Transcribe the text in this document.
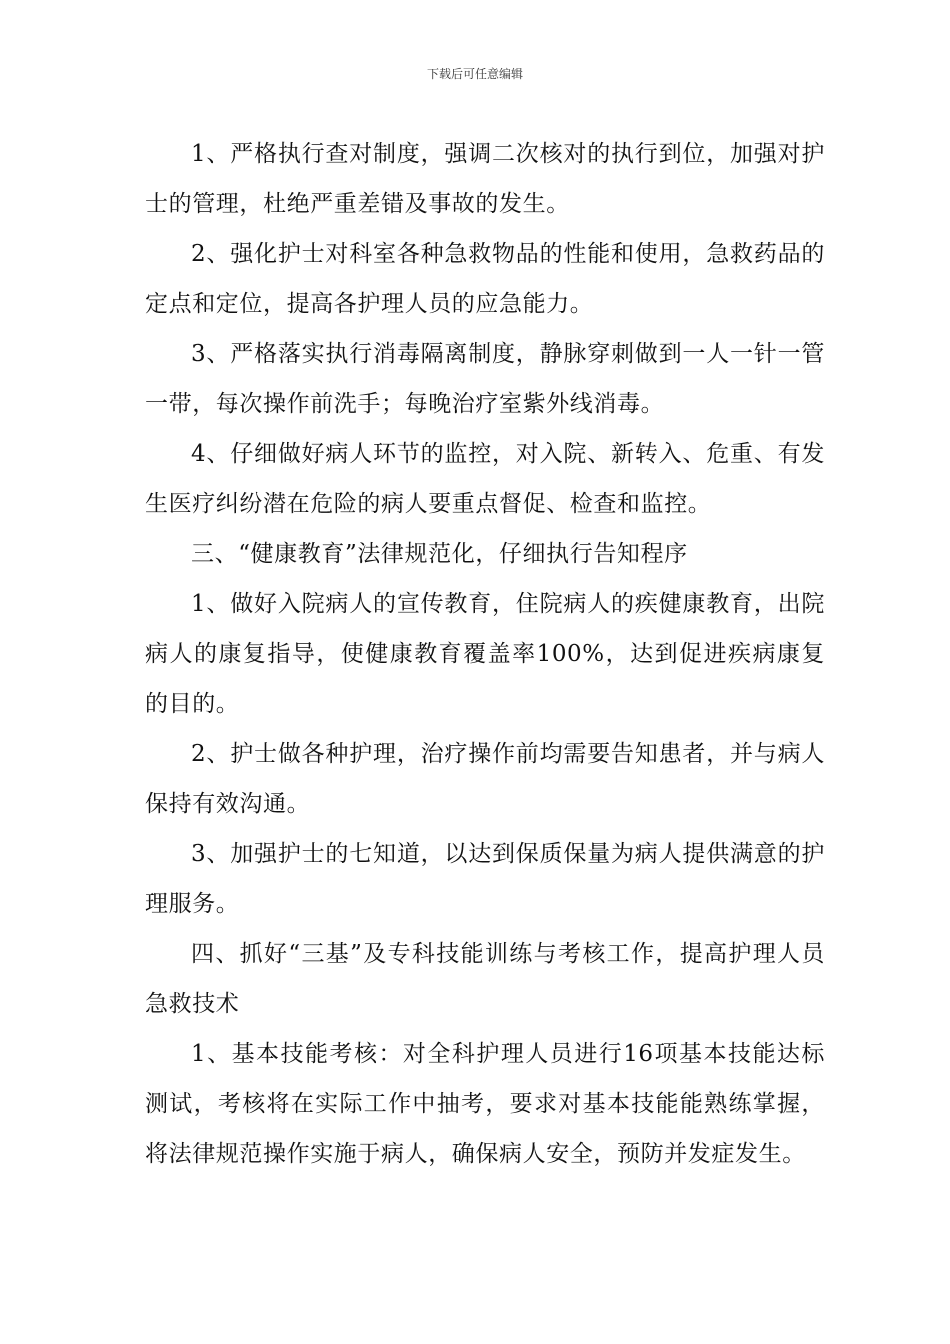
下载后可任意编辑

1、严格执行查对制度，强调二次核对的执行到位，加强对护士的管理，杜绝严重差错及事故的发生。

2、强化护士对科室各种急救物品的性能和使用，急救药品的定点和定位，提高各护理人员的应急能力。

3、严格落实执行消毒隔离制度，静脉穿刺做到一人一针一管一带，每次操作前洗手；每晚治疗室紫外线消毒。

4、仔细做好病人环节的监控，对入院、新转入、危重、有发生医疗纠纷潜在危险的病人要重点督促、检查和监控。

三、“健康教育”法律规范化，仔细执行告知程序

1、做好入院病人的宣传教育，住院病人的疾健康教育，出院病人的康复指导，使健康教育覆盖率100%，达到促进疾病康复的目的。

2、护士做各种护理，治疗操作前均需要告知患者，并与病人保持有效沟通。

3、加强护士的七知道，以达到保质保量为病人提供满意的护理服务。

四、抓好“三基”及专科技能训练与考核工作，提高护理人员急救技术

1、基本技能考核：对全科护理人员进行16项基本技能达标测试，考核将在实际工作中抽考，要求对基本技能能熟练掌握，将法律规范操作实施于病人，确保病人安全，预防并发症发生。
